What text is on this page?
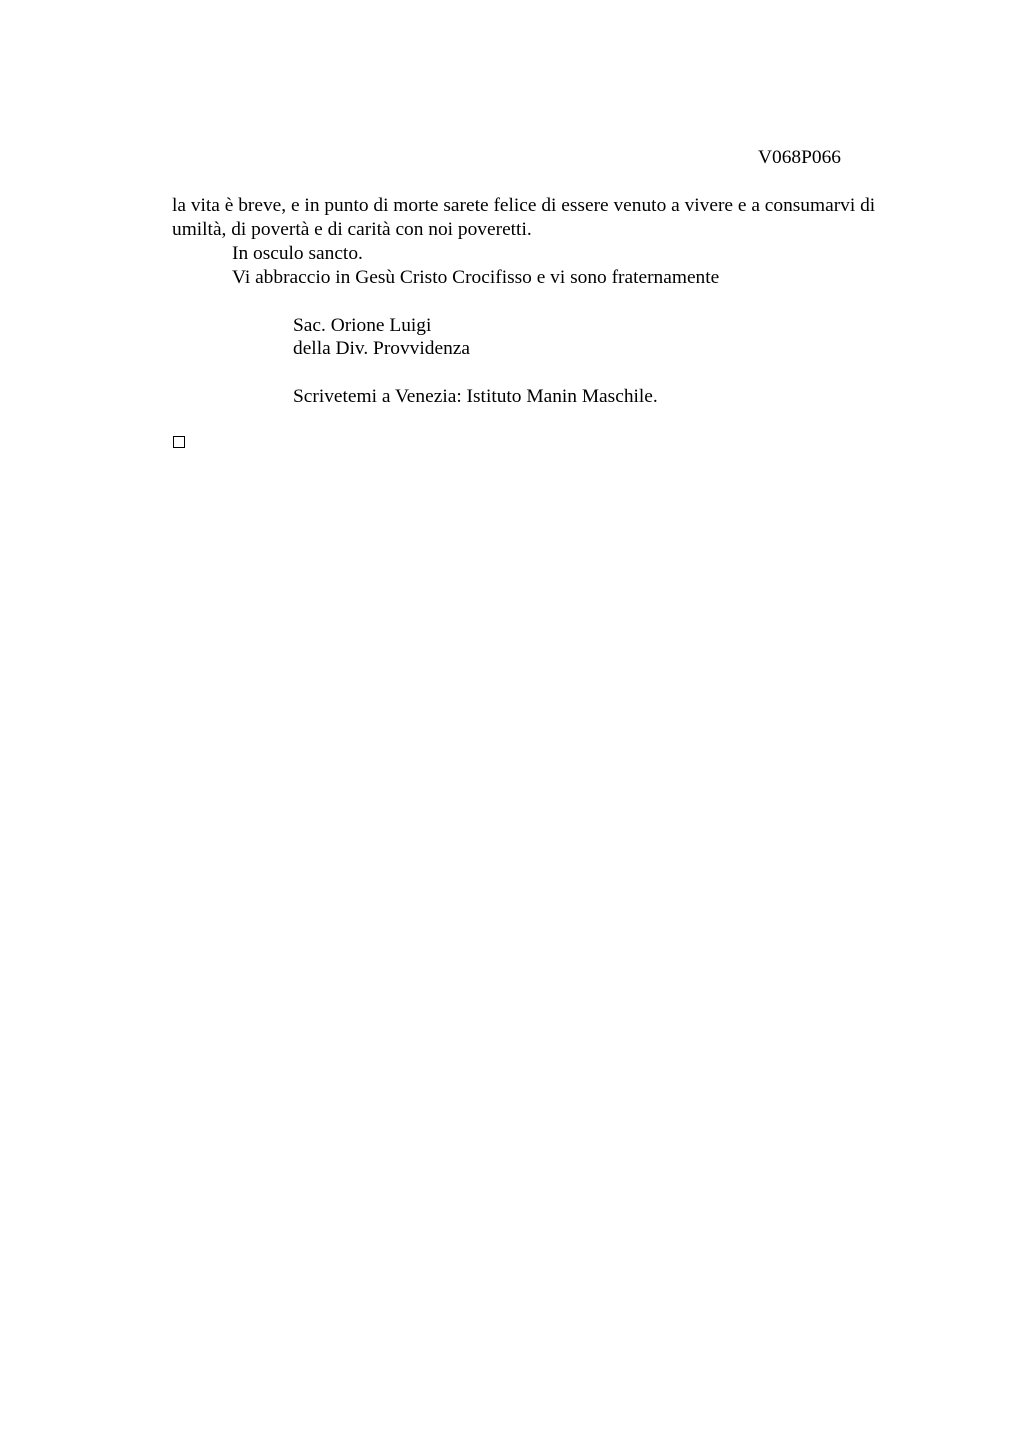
V068P066

la vita è breve, e in punto di morte sarete felice di essere venuto a vivere e a consumarvi di

umiltà, di povertà e di carità con noi poveretti.

In osculo sancto.

Vi abbraccio in Gesù Cristo Crocifisso e vi sono fraternamente

Sac. Orione Luigi

della Div. Provvidenza

Scrivetemi a Venezia: Istituto Manin Maschile.
